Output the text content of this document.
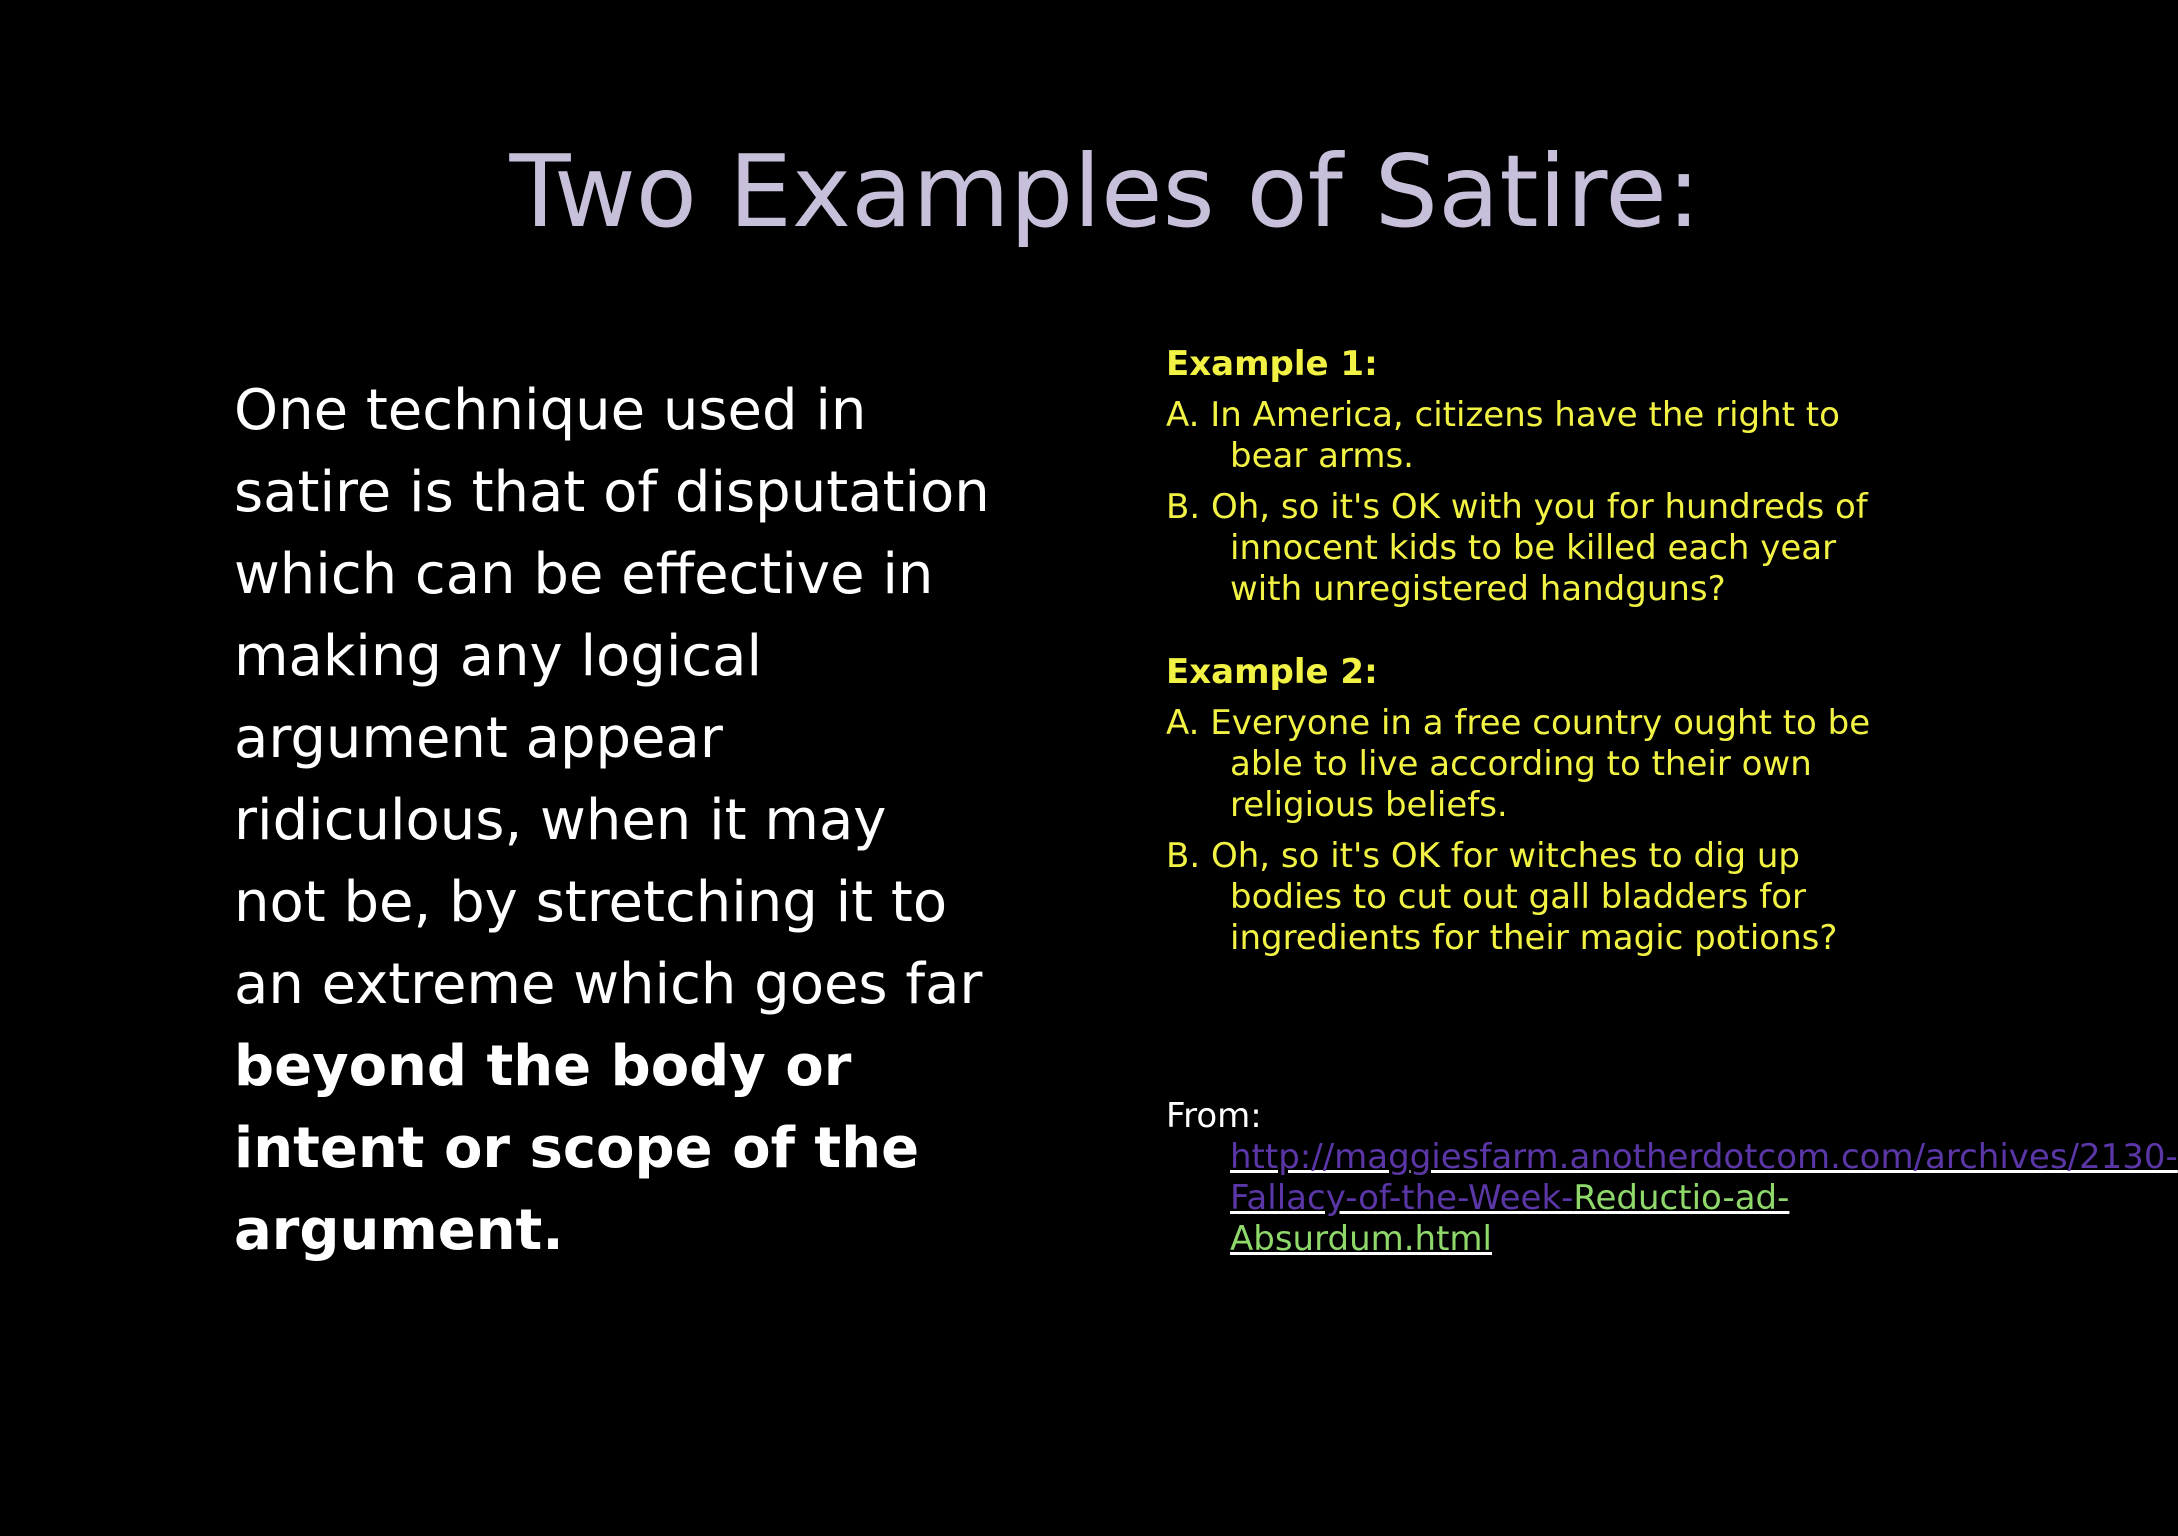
Two Examples of Satire:
One technique used in satire is that of disputation which can be effective in making any logical argument appear ridiculous, when it may not be, by stretching it to an extreme which goes far beyond the body or intent or scope of the argument.
Example 1:
A. In America, citizens have the right to bear arms.
B. Oh, so it's OK with you for hundreds of innocent kids to be killed each year with unregistered handguns?
Example 2:
A. Everyone in a free country ought to be able to live according to their own religious beliefs.
B. Oh, so it's OK for witches to dig up bodies to cut out gall bladders for ingredients for their magic potions?
From:
http://maggiesfarm.anotherdotcom.com/archives/2130-Fallacy-of-the-Week-Reductio-ad-Absurdum.html
